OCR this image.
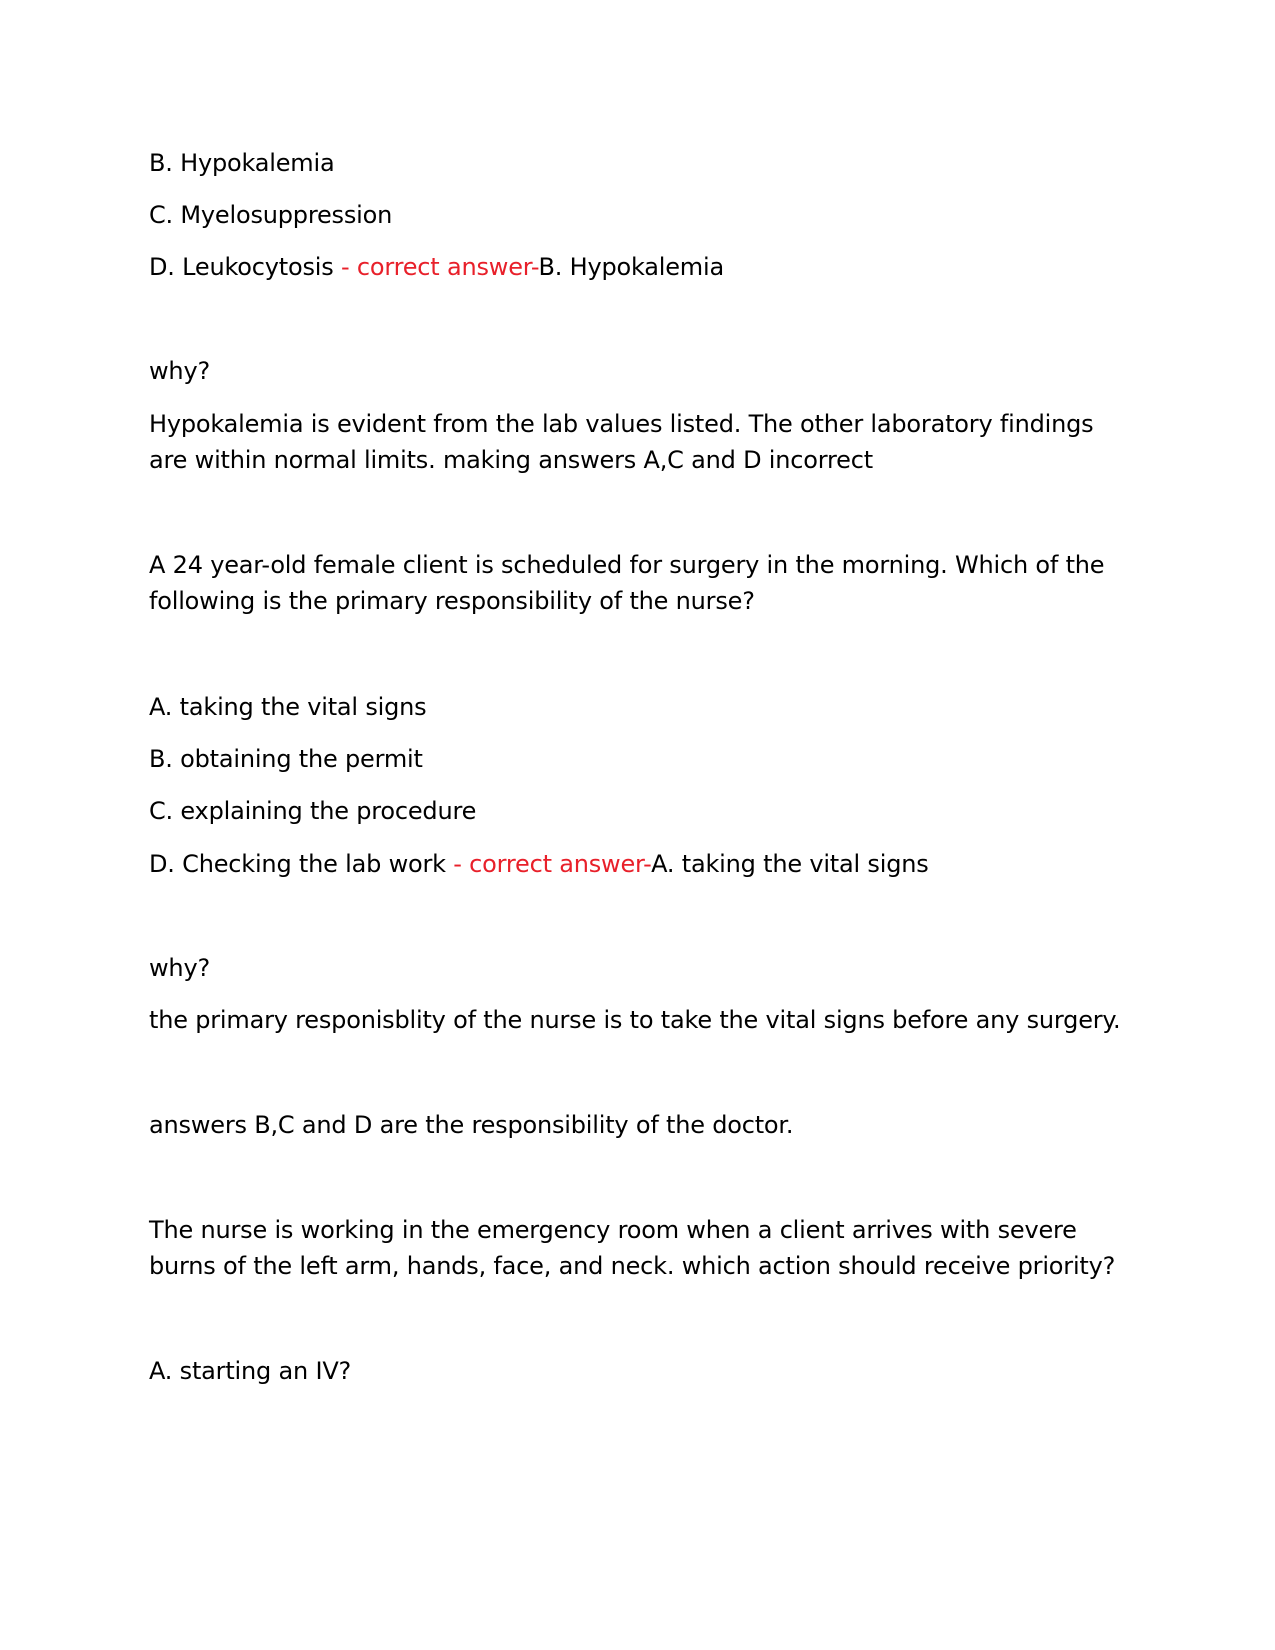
B. Hypokalemia
C. Myelosuppression
D. Leukocytosis - correct answer-B. Hypokalemia
why?
Hypokalemia is evident from the lab values listed. The other laboratory findings
are within normal limits. making answers A,C and D incorrect
A 24 year-old female client is scheduled for surgery in the morning. Which of the
following is the primary responsibility of the nurse?
A. taking the vital signs
B. obtaining the permit
C. explaining the procedure
D. Checking the lab work - correct answer-A. taking the vital signs
why?
the primary responisblity of the nurse is to take the vital signs before any surgery.
answers B,C and D are the responsibility of the doctor.
The nurse is working in the emergency room when a client arrives with severe
burns of the left arm, hands, face, and neck. which action should receive priority?
A. starting an IV?
